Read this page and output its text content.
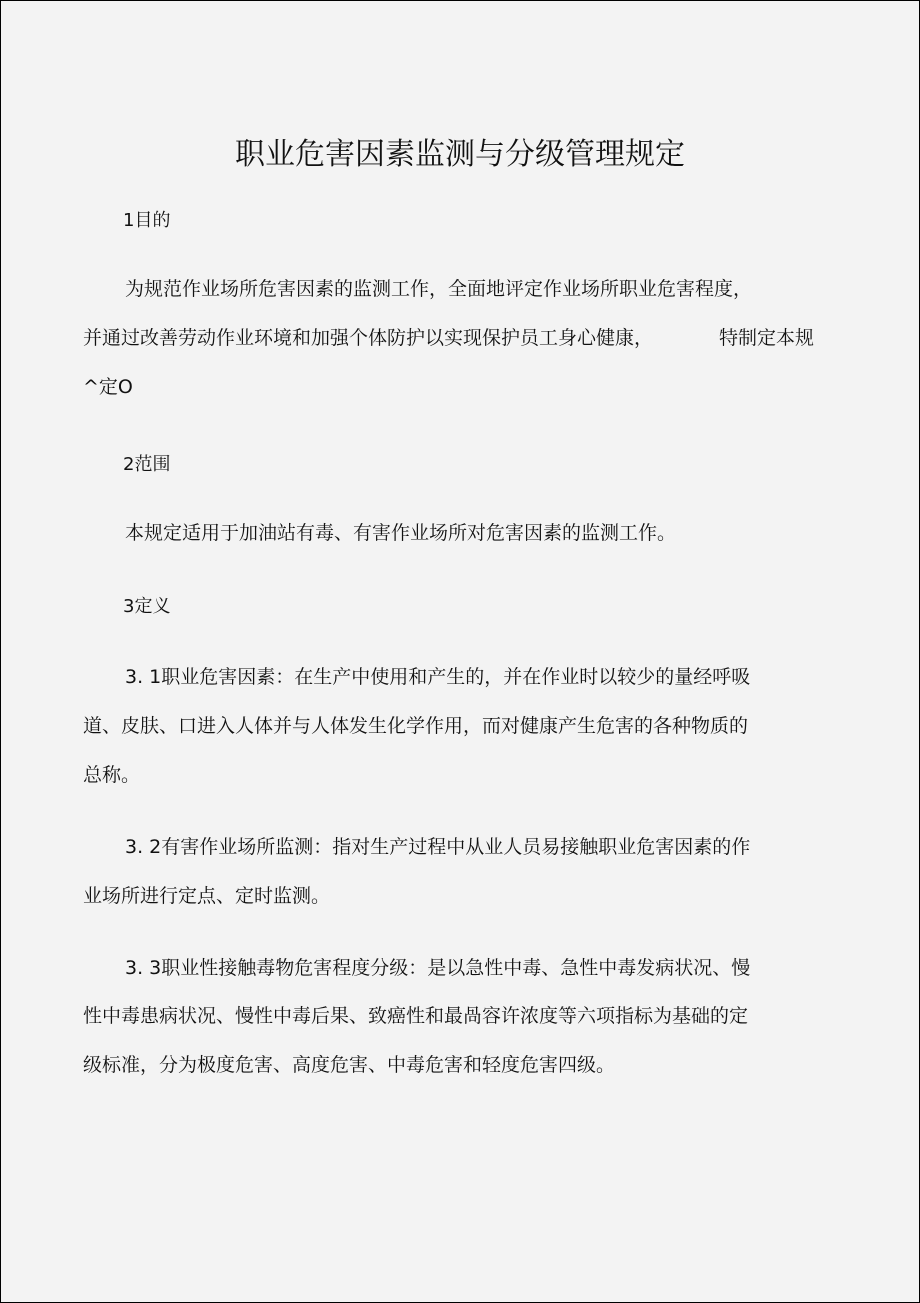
职业危害因素监测与分级管理规定
1目的
为规范作业场所危害因素的监测工作，全面地评定作业场所职业危害程度，
并通过改善劳动作业环境和加强个体防护以实现保护员工身心健康，	特制定本规
^定O
2范围
本规定适用于加油站有毒、有害作业场所对危害因素的监测工作。
3定义
3. 1职业危害因素：在生产中使用和产生的，并在作业时以较少的量经呼吸
道、皮肤、口进入人体并与人体发生化学作用，而对健康产生危害的各种物质的
总称。
3. 2有害作业场所监测：指对生产过程中从业人员易接触职业危害因素的作
业场所进行定点、定时监测。
3. 3职业性接触毒物危害程度分级：是以急性中毒、急性中毒发病状况、慢
性中毒患病状况、慢性中毒后果、致癌性和最咼容许浓度等六项指标为基础的定
级标准，分为极度危害、高度危害、中毒危害和轻度危害四级。
